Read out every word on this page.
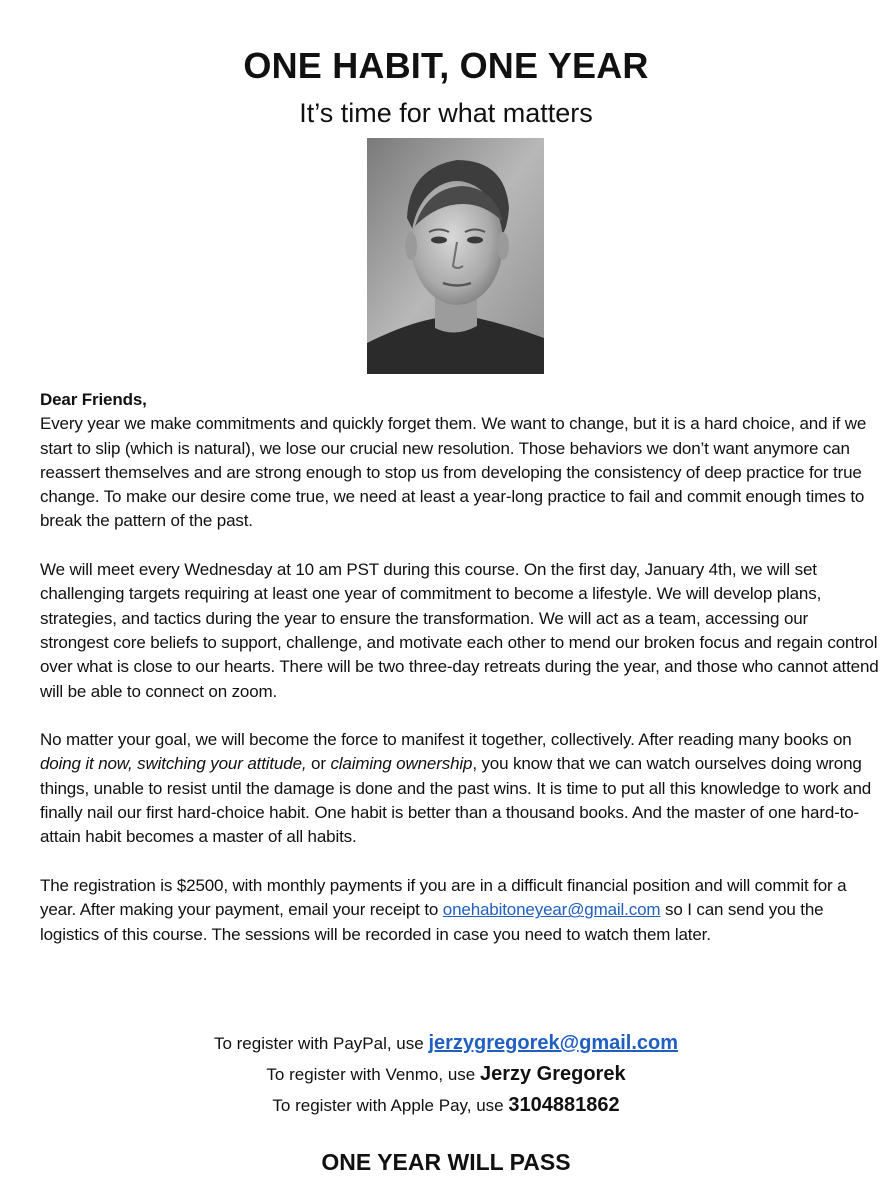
ONE HABIT, ONE YEAR
It’s time for what matters
Dear Friends,

Every year we make commitments and quickly forget them. We want to change, but it is a hard choice, and if we start to slip (which is natural), we lose our crucial new resolution. Those behaviors we don’t want anymore can reassert themselves and are strong enough to stop us from developing the consistency of deep practice for true change. To make our desire come true, we need at least a year-long practice to fail and commit enough times to break the pattern of the past.

We will meet every Wednesday at 10 am PST during this course. On the first day, January 4th, we will set challenging targets requiring at least one year of commitment to become a lifestyle. We will develop plans, strategies, and tactics during the year to ensure the transformation. We will act as a team, accessing our strongest core beliefs to support, challenge, and motivate each other to mend our broken focus and regain control over what is close to our hearts. There will be two three-day retreats during the year, and those who cannot attend will be able to connect on zoom.

No matter your goal, we will become the force to manifest it together, collectively. After reading many books on doing it now, switching your attitude, or claiming ownership, you know that we can watch ourselves doing wrong things, unable to resist until the damage is done and the past wins. It is time to put all this knowledge to work and finally nail our first hard-choice habit. One habit is better than a thousand books. And the master of one hard-to-attain habit becomes a master of all habits.

The registration is $2500, with monthly payments if you are in a difficult financial position and will commit for a year. After making your payment, email your receipt to onehabitoneyear@gmail.com so I can send you the logistics of this course. The sessions will be recorded in case you need to watch them later.

To register with PayPal, use jerzygregorek@gmail.com
To register with Venmo, use Jerzy Gregorek
To register with Apple Pay, use 3104881862
ONE YEAR WILL PASS
